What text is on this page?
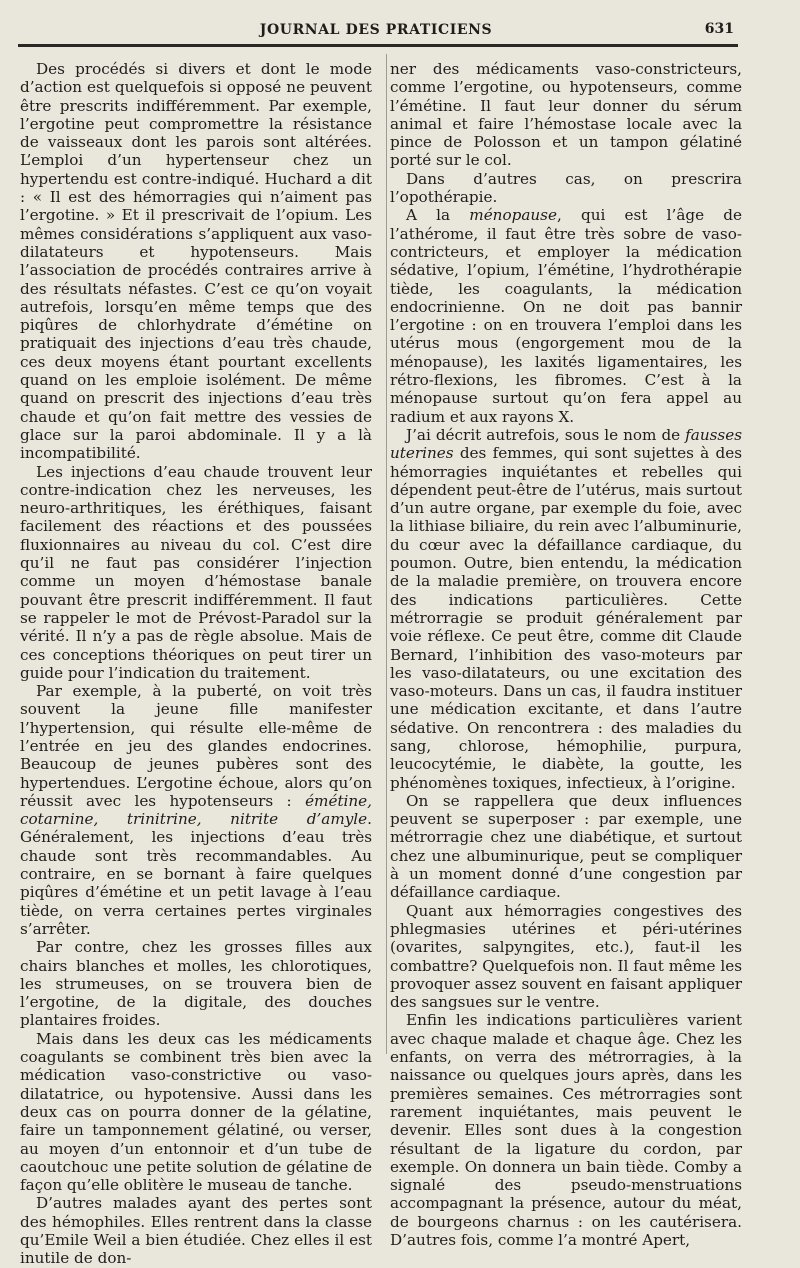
JOURNAL DES PRATICIENS	631

Des procédés si divers et dont le mode d’action est quelquefois si opposé ne peuvent être prescrits indifféremment. Par exemple, l’ergotine peut compromettre la résistance de vaisseaux dont les parois sont altérées. L’emploi d’un hypertenseur chez un hypertendu est contre-indiqué. Huchard a dit : « Il est des hémorragies qui n’aiment pas l’ergotine. » Et il prescrivait de l’opium. Les mêmes considérations s’appliquent aux vaso-dilatateurs et hypotenseurs. Mais l’association de procédés contraires arrive à des résultats néfastes. C’est ce qu’on voyait autrefois, lorsqu’en même temps que des piqûres de chlorhydrate d’émétine on pratiquait des injections d’eau très chaude, ces deux moyens étant pourtant excellents quand on les emploie isolément. De même quand on prescrit des injections d’eau très chaude et qu’on fait mettre des vessies de glace sur la paroi abdominale. Il y a là incompatibilité.

Les injections d’eau chaude trouvent leur contre-indication chez les nerveuses, les neuro-arthritiques, les éréthiques, faisant facilement des réactions et des poussées fluxionnaires au niveau du col. C’est dire qu’il ne faut pas considérer l’injection comme un moyen d’hémostase banale pouvant être prescrit indifféremment. Il faut se rappeler le mot de Prévost-Paradol sur la vérité. Il n’y a pas de règle absolue. Mais de ces conceptions théoriques on peut tirer un guide pour l’indication du traitement.

Par exemple, à la puberté, on voit très souvent la jeune fille manifester l’hypertension, qui résulte elle-même de l’entrée en jeu des glandes endocrines. Beaucoup de jeunes pubères sont des hypertendues. L’ergotine échoue, alors qu’on réussit avec les hypotenseurs : émétine, cotarnine, trinitrine, nitrite d’amyle. Généralement, les injections d’eau très chaude sont très recommandables. Au contraire, en se bornant à faire quelques piqûres d’émétine et un petit lavage à l’eau tiède, on verra certaines pertes virginales s’arrêter.

Par contre, chez les grosses filles aux chairs blanches et molles, les chlorotiques, les strumeuses, on se trouvera bien de l’ergotine, de la digitale, des douches plantaires froides.

Mais dans les deux cas les médicaments coagulants se combinent très bien avec la médication vaso-constrictive ou vaso-dilatatrice, ou hypotensive. Aussi dans les deux cas on pourra donner de la gélatine, faire un tamponnement gélatiné, ou verser, au moyen d’un entonnoir et d’un tube de caoutchouc une petite solution de gélatine de façon qu’elle oblitère le museau de tanche.

D’autres malades ayant des pertes sont des hémophiles. Elles rentrent dans la classe qu’Emile Weil a bien étudiée. Chez elles il est inutile de don-

ner des médicaments vaso-constricteurs, comme l’ergotine, ou hypotenseurs, comme l’émétine. Il faut leur donner du sérum animal et faire l’hémostase locale avec la pince de Polosson et un tampon gélatiné porté sur le col.

Dans d’autres cas, on prescrira l’opothérapie.

A la ménopause, qui est l’âge de l’athérome, il faut être très sobre de vaso-contricteurs, et employer la médication sédative, l’opium, l’émétine, l’hydrothérapie tiède, les coagulants, la médication endocrinienne. On ne doit pas bannir l’ergotine : on en trouvera l’emploi dans les utérus mous (engorgement mou de la ménopause), les laxités ligamentaires, les rétro-flexions, les fibromes. C’est à la ménopause surtout qu’on fera appel au radium et aux rayons X.

J’ai décrit autrefois, sous le nom de fausses uterines des femmes, qui sont sujettes à des hémorragies inquiétantes et rebelles qui dépendent peut-être de l’utérus, mais surtout d’un autre organe, par exemple du foie, avec la lithiase biliaire, du rein avec l’albuminurie, du cœur avec la défaillance cardiaque, du poumon. Outre, bien entendu, la médication de la maladie première, on trouvera encore des indications particulières. Cette métrorragie se produit généralement par voie réflexe. Ce peut être, comme dit Claude Bernard, l’inhibition des vaso-moteurs par les vaso-dilatateurs, ou une excitation des vaso-moteurs. Dans un cas, il faudra instituer une médication excitante, et dans l’autre sédative. On rencontrera : des maladies du sang, chlorose, hémophilie, purpura, leucocytémie, le diabète, la goutte, les phénomènes toxiques, infectieux, à l’origine.

On se rappellera que deux influences peuvent se superposer : par exemple, une métrorragie chez une diabétique, et surtout chez une albuminurique, peut se compliquer à un moment donné d’une congestion par défaillance cardiaque.

Quant aux hémorragies congestives des phlegmasies utérines et péri-utérines (ovarites, salpyngites, etc.), faut-il les combattre? Quelquefois non. Il faut même les provoquer assez souvent en faisant appliquer des sangsues sur le ventre.

Enfin les indications particulières varient avec chaque malade et chaque âge. Chez les enfants, on verra des métrorragies, à la naissance ou quelques jours après, dans les premières semaines. Ces métrorragies sont rarement inquiétantes, mais peuvent le devenir. Elles sont dues à la congestion résultant de la ligature du cordon, par exemple. On donnera un bain tiède. Comby a signalé des pseudo-menstruations accompagnant la présence, autour du méat, de bourgeons charnus : on les cautérisera. D’autres fois, comme l’a montré Apert,
